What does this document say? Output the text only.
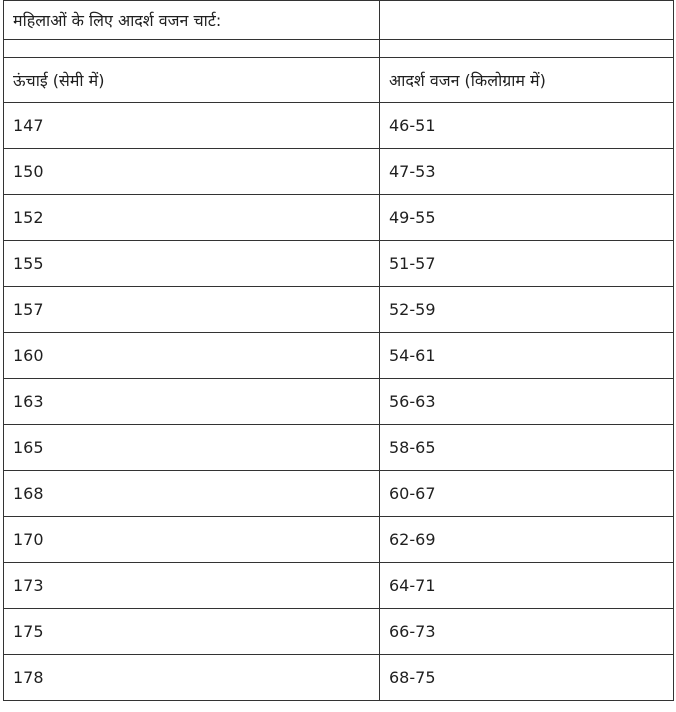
महिलाओं के लिए आदर्श वजन चार्ट:	

ऊंचाई (सेमी में)	आदर्श वजन (किलोग्राम में)
147	46-51
150	47-53
152	49-55
155	51-57
157	52-59
160	54-61
163	56-63
165	58-65
168	60-67
170	62-69
173	64-71
175	66-73
178	68-75
